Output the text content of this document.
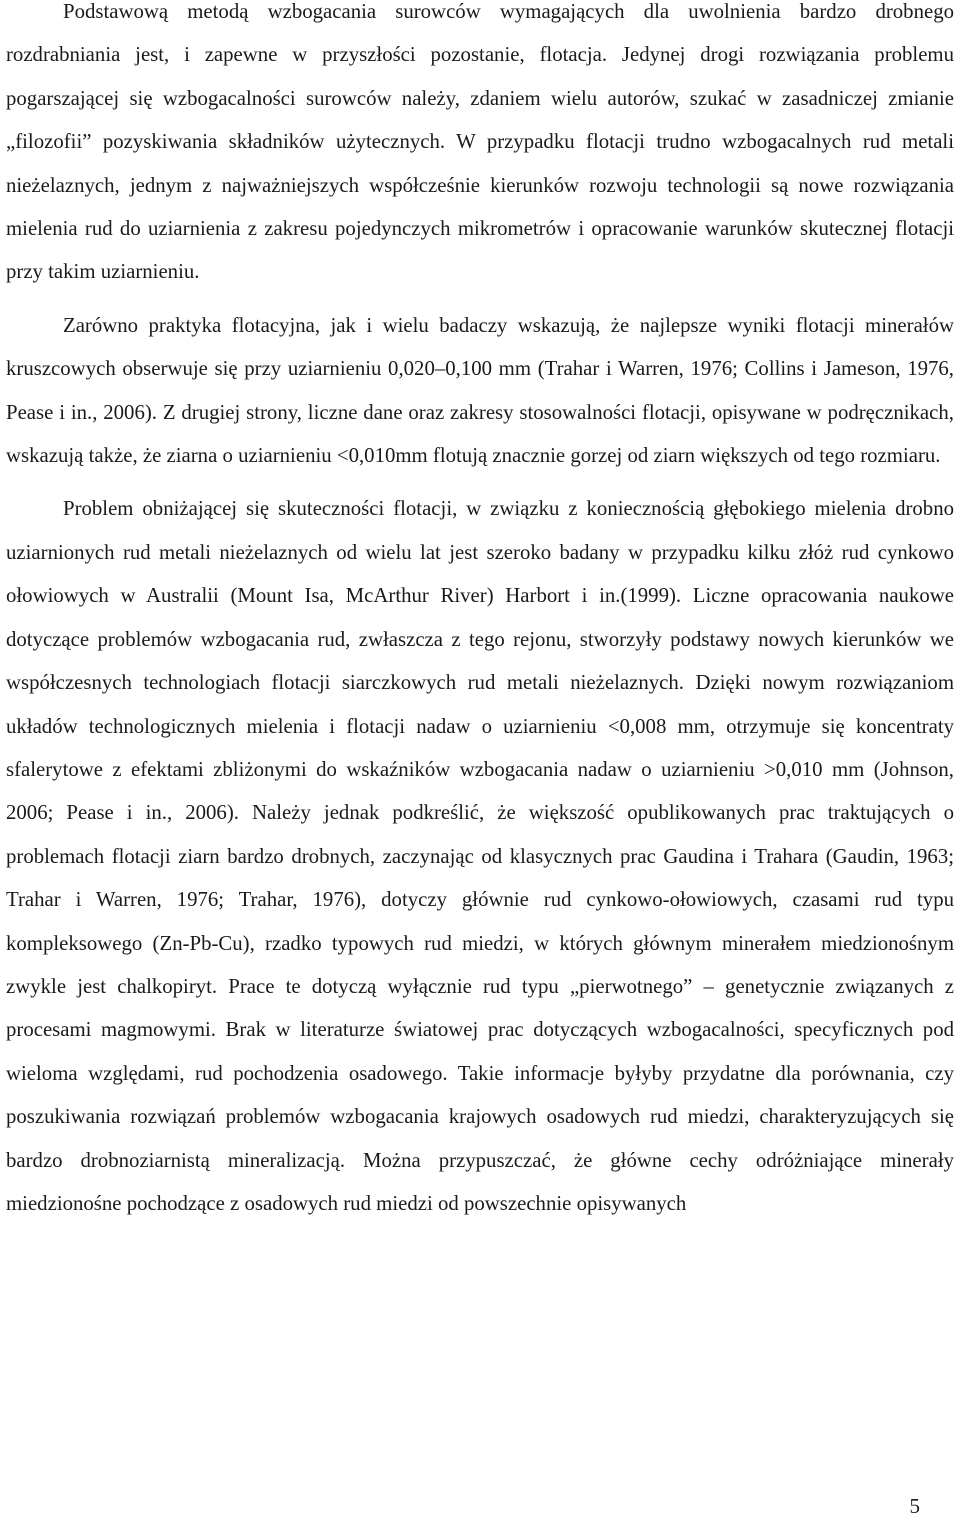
Podstawową metodą wzbogacania surowców wymagających dla uwolnienia bardzo drobnego rozdrabniania jest, i zapewne w przyszłości pozostanie, flotacja. Jedynej drogi rozwiązania problemu pogarszającej się wzbogacalności surowców należy, zdaniem wielu autorów, szukać w zasadniczej zmianie „filozofii” pozyskiwania składników użytecznych. W przypadku flotacji trudno wzbogacalnych rud metali nieżelaznych, jednym z najważniejszych współcześnie kierunków rozwoju technologii są nowe rozwiązania mielenia rud do uziarnienia z zakresu pojedynczych mikrometrów i opracowanie warunków skutecznej flotacji przy takim uziarnieniu.

Zarówno praktyka flotacyjna, jak i wielu badaczy wskazują, że najlepsze wyniki flotacji minerałów kruszcowych obserwuje się przy uziarnieniu 0,020–0,100 mm (Trahar i Warren, 1976; Collins i Jameson, 1976, Pease i in., 2006). Z drugiej strony, liczne dane oraz zakresy stosowalności flotacji, opisywane w podręcznikach, wskazują także, że ziarna o uziarnieniu <0,010mm flotują znacznie gorzej od ziarn większych od tego rozmiaru.

Problem obniżającej się skuteczności flotacji, w związku z koniecznością głębokiego mielenia drobno uziarnionych rud metali nieżelaznych od wielu lat jest szeroko badany w przypadku kilku złóż rud cynkowo ołowiowych w Australii (Mount Isa, McArthur River) Harbort i in.(1999). Liczne opracowania naukowe dotyczące problemów wzbogacania rud, zwłaszcza z tego rejonu, stworzyły podstawy nowych kierunków we współczesnych technologiach flotacji siarczkowych rud metali nieżelaznych. Dzięki nowym rozwiązaniom układów technologicznych mielenia i flotacji nadaw o uziarnieniu <0,008 mm, otrzymuje się koncentraty sfalerytowe z efektami zbliżonymi do wskaźników wzbogacania nadaw o uziarnieniu >0,010 mm (Johnson, 2006; Pease i in., 2006). Należy jednak podkreślić, że większość opublikowanych prac traktujących o problemach flotacji ziarn bardzo drobnych, zaczynając od klasycznych prac Gaudina i Trahara (Gaudin, 1963; Trahar i Warren, 1976; Trahar, 1976), dotyczy głównie rud cynkowo-ołowiowych, czasami rud typu kompleksowego (Zn-Pb-Cu), rzadko typowych rud miedzi, w których głównym minerałem miedzionośnym zwykle jest chalkopiryt. Prace te dotyczą wyłącznie rud typu „pierwotnego” – genetycznie związanych z procesami magmowymi. Brak w literaturze światowej prac dotyczących wzbogacalności, specyficznych pod wieloma względami, rud pochodzenia osadowego. Takie informacje byłyby przydatne dla porównania, czy poszukiwania rozwiązań problemów wzbogacania krajowych osadowych rud miedzi, charakteryzujących się bardzo drobnoziarnistą mineralizacją. Można przypuszczać, że główne cechy odróżniające minerały miedzionośne pochodzące z osadowych rud miedzi od powszechnie opisywanych

5
